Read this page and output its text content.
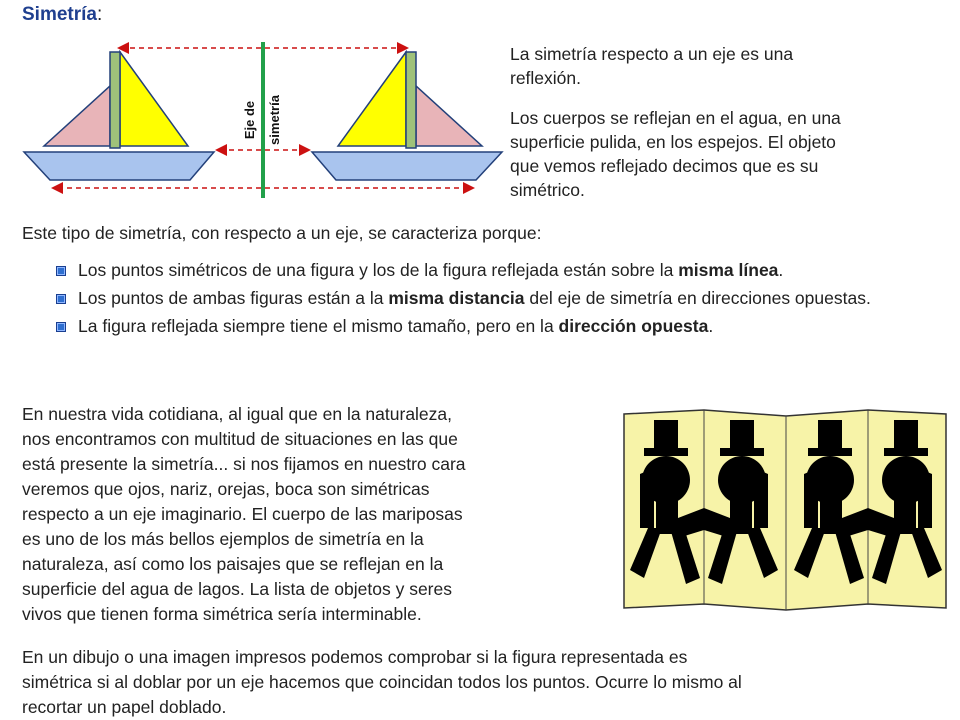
Simetría:
Eje de simetría
La simetría respecto a un eje es una
reflexión.
Los cuerpos se reflejan en el agua, en una
superficie pulida, en los espejos. El objeto
que vemos reflejado decimos que es su
simétrico.
Este tipo de simetría, con respecto a un eje, se caracteriza porque:
Los puntos simétricos de una figura y los de la figura reflejada están sobre la misma línea.
Los puntos de ambas figuras están a la misma distancia del eje de simetría en direcciones opuestas.
La figura reflejada siempre tiene el mismo tamaño, pero en la dirección opuesta.
En nuestra vida cotidiana, al igual que en la naturaleza,
nos encontramos con multitud de situaciones en las que
está presente la simetría... si nos fijamos en nuestro cara
veremos que ojos, nariz, orejas, boca son simétricas
respecto a un eje imaginario. El cuerpo de las mariposas
es uno de los más bellos ejemplos de simetría en la
naturaleza, así como los paisajes que se reflejan en la
superficie del agua de lagos. La lista de objetos y seres
vivos que tienen forma simétrica sería interminable.
En un dibujo o una imagen impresos podemos comprobar si la figura representada es
simétrica si al doblar por un eje hacemos que coincidan todos los puntos. Ocurre lo mismo al
recortar un papel doblado.
